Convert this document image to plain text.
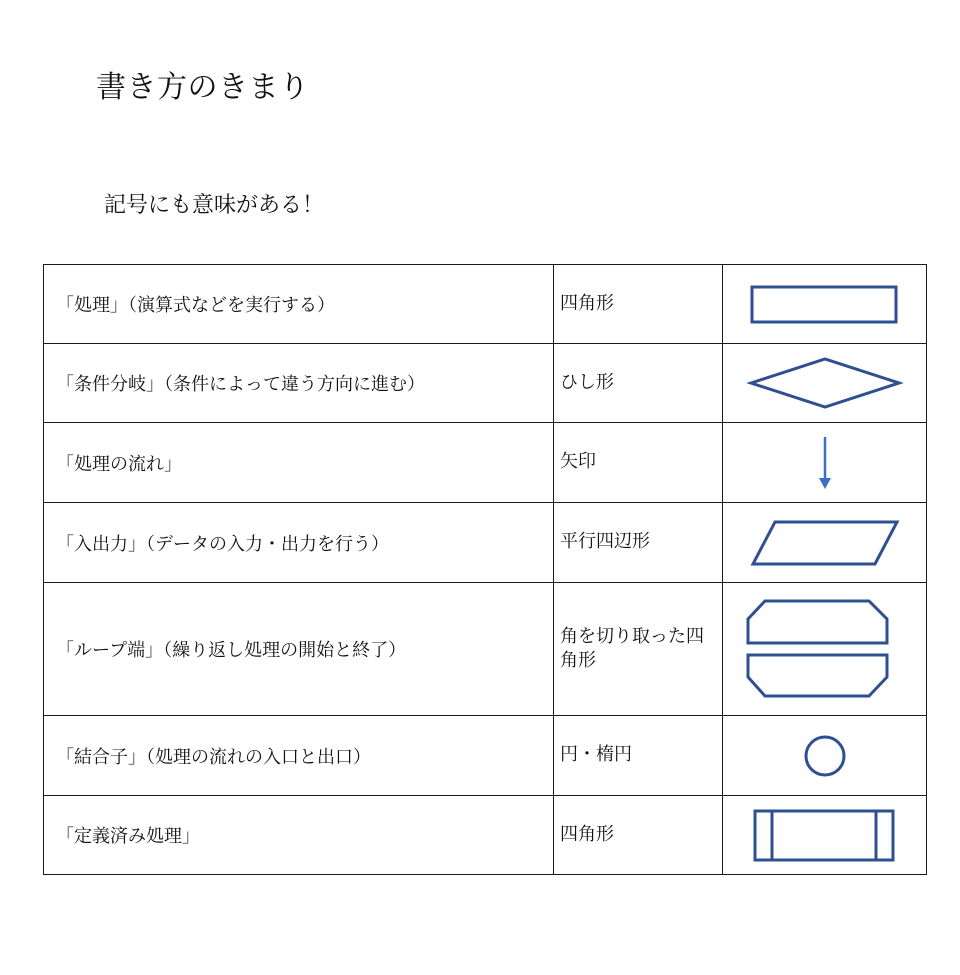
書き方のきまり
記号にも意味がある！
「処理」（演算式などを実行する）	四角形	

「条件分岐」（条件によって違う方向に進む）	ひし形	

「処理の流れ」	矢印	

「入出力」（データの入力・出力を行う）	平行四辺形	

「ループ端」（繰り返し処理の開始と終了）	角を切り取った四角形	

「結合子」（処理の流れの入口と出口）	円・楕円	

「定義済み処理」	四角形	
